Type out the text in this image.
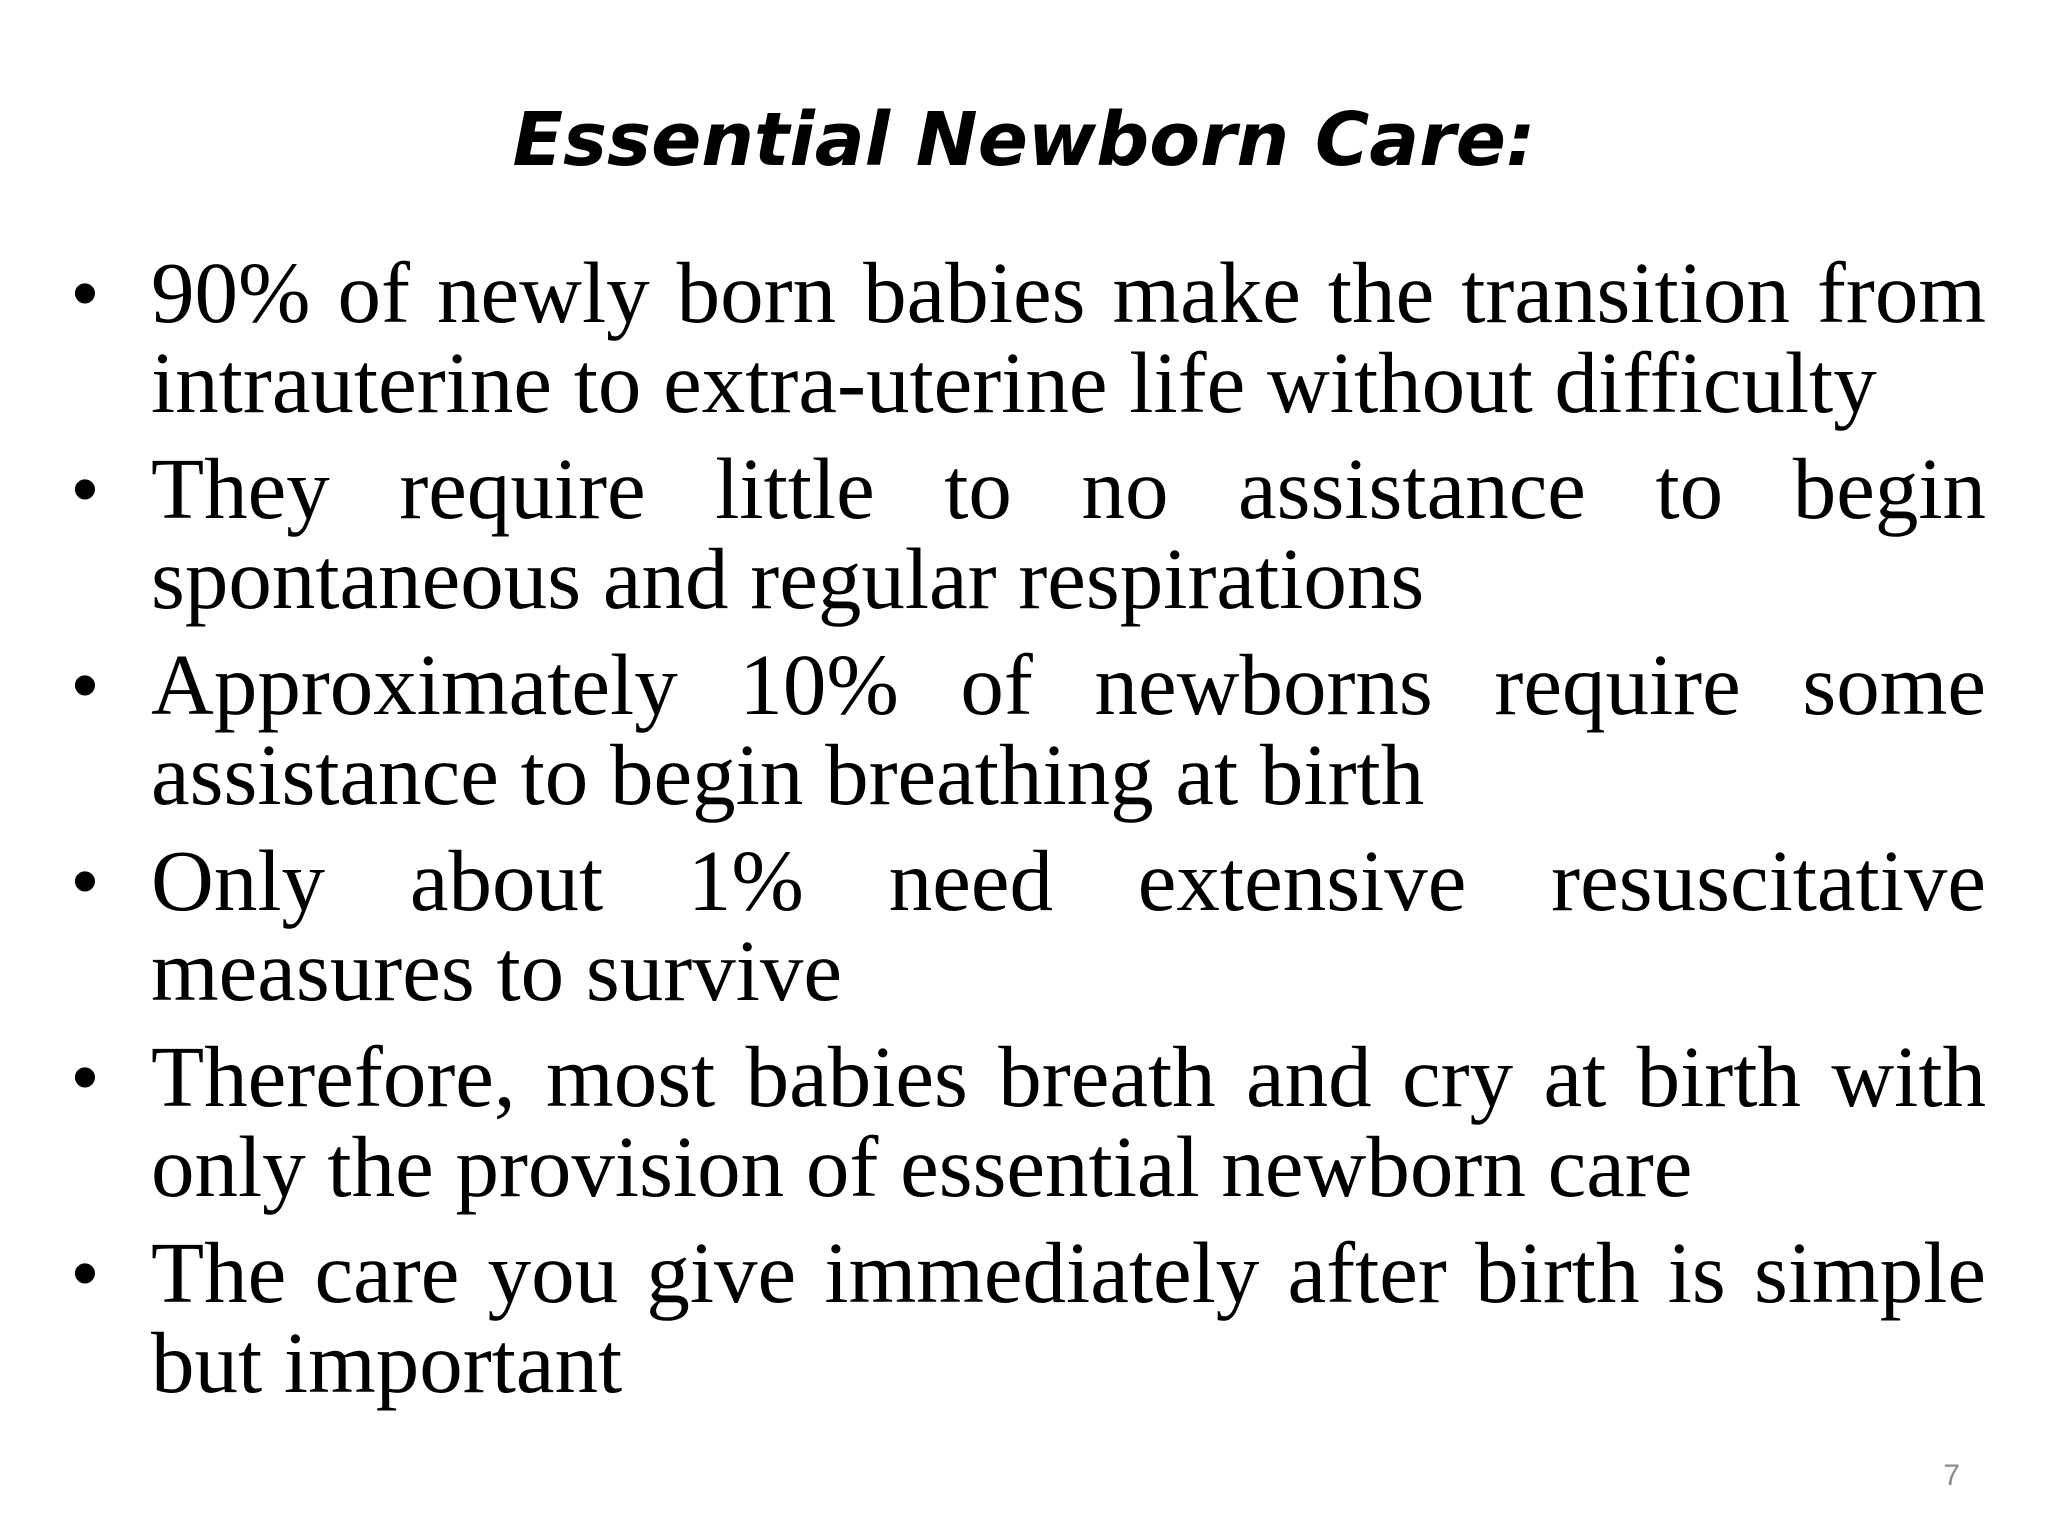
Essential Newborn Care:
• 90% of newly born babies make the transition from intrauterine to extra-uterine life without difficulty
• They require little to no assistance to begin spontaneous and regular respirations
• Approximately 10% of newborns require some assistance to begin breathing at birth
• Only about 1% need extensive resuscitative measures to survive
• Therefore, most babies breath and cry at birth with only the provision of essential newborn care
• The care you give immediately after birth is simple but important
7
